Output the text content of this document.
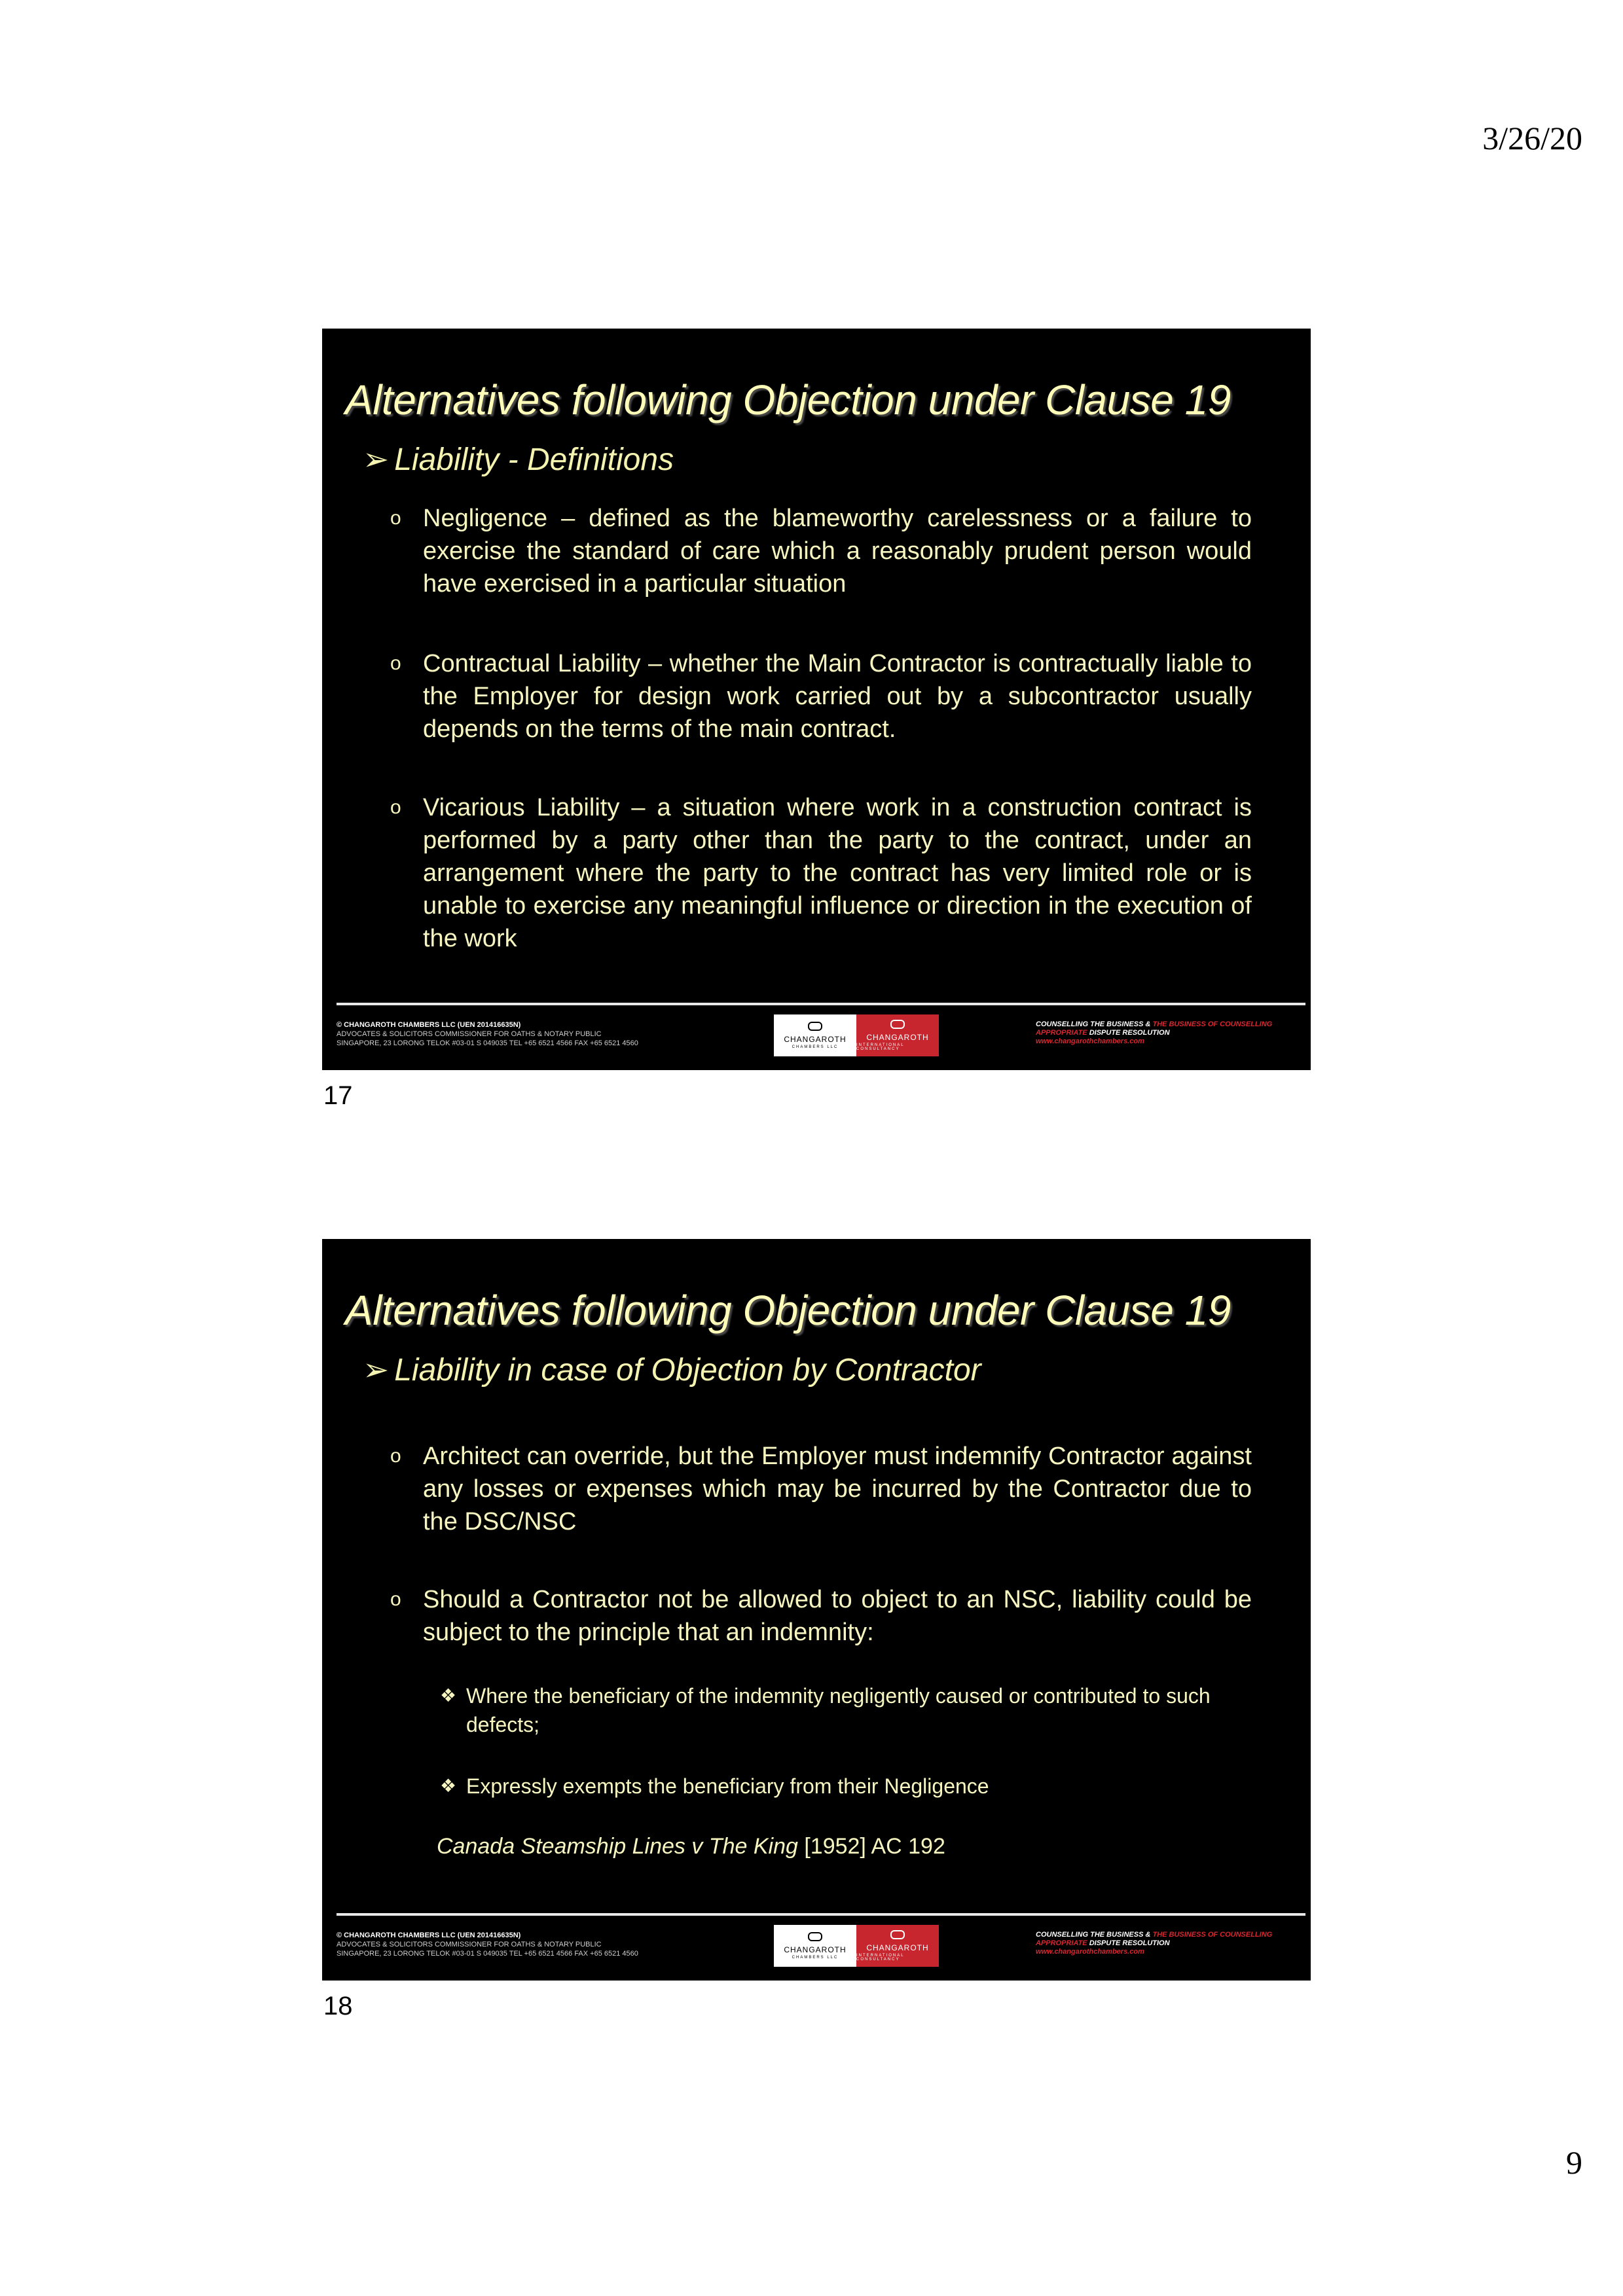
3/26/20
Alternatives following Objection under Clause 19
➢ Liability - Definitions
o Negligence – defined as the blameworthy carelessness or a failure to exercise the standard of care which a reasonably prudent person would have exercised in a particular situation
o Contractual Liability – whether the Main Contractor is contractually liable to the Employer for design work carried out by a subcontractor usually depends on the terms of the main contract.
o Vicarious Liability – a situation where work in a construction contract is performed by a party other than the party to the contract, under an arrangement where the party to the contract has very limited role or is unable to exercise any meaningful influence or direction in the execution of the work
© CHANGAROTH CHAMBERS LLC (UEN 201416635N)
ADVOCATES & SOLICITORS COMMISSIONER FOR OATHS & NOTARY PUBLIC
SINGAPORE, 23 LORONG TELOK #03-01 S 049035 TEL +65 6521 4566 FAX +65 6521 4560	CHANGAROTH
CHAMBERS LLC
CHANGAROTH
INTERNATIONAL CONSULTANCY
COUNSELLING THE BUSINESS & THE BUSINESS OF COUNSELLING
APPROPRIATE DISPUTE RESOLUTION
www.changarothchambers.com
17
Alternatives following Objection under Clause 19
➢ Liability in case of Objection by Contractor
o Architect can override, but the Employer must indemnify Contractor against any losses or expenses which may be incurred by the Contractor due to the DSC/NSC
o Should a Contractor not be allowed to object to an NSC, liability could be subject to the principle that an indemnity:
❖ Where the beneficiary of the indemnity negligently caused or contributed to such defects;
❖ Expressly exempts the beneficiary from their Negligence
Canada Steamship Lines v The King [1952] AC 192
© CHANGAROTH CHAMBERS LLC (UEN 201416635N)
ADVOCATES & SOLICITORS COMMISSIONER FOR OATHS & NOTARY PUBLIC
SINGAPORE, 23 LORONG TELOK #03-01 S 049035 TEL +65 6521 4566 FAX +65 6521 4560	CHANGAROTH
CHAMBERS LLC
CHANGAROTH
INTERNATIONAL CONSULTANCY
COUNSELLING THE BUSINESS & THE BUSINESS OF COUNSELLING
APPROPRIATE DISPUTE RESOLUTION
www.changarothchambers.com
18
9
